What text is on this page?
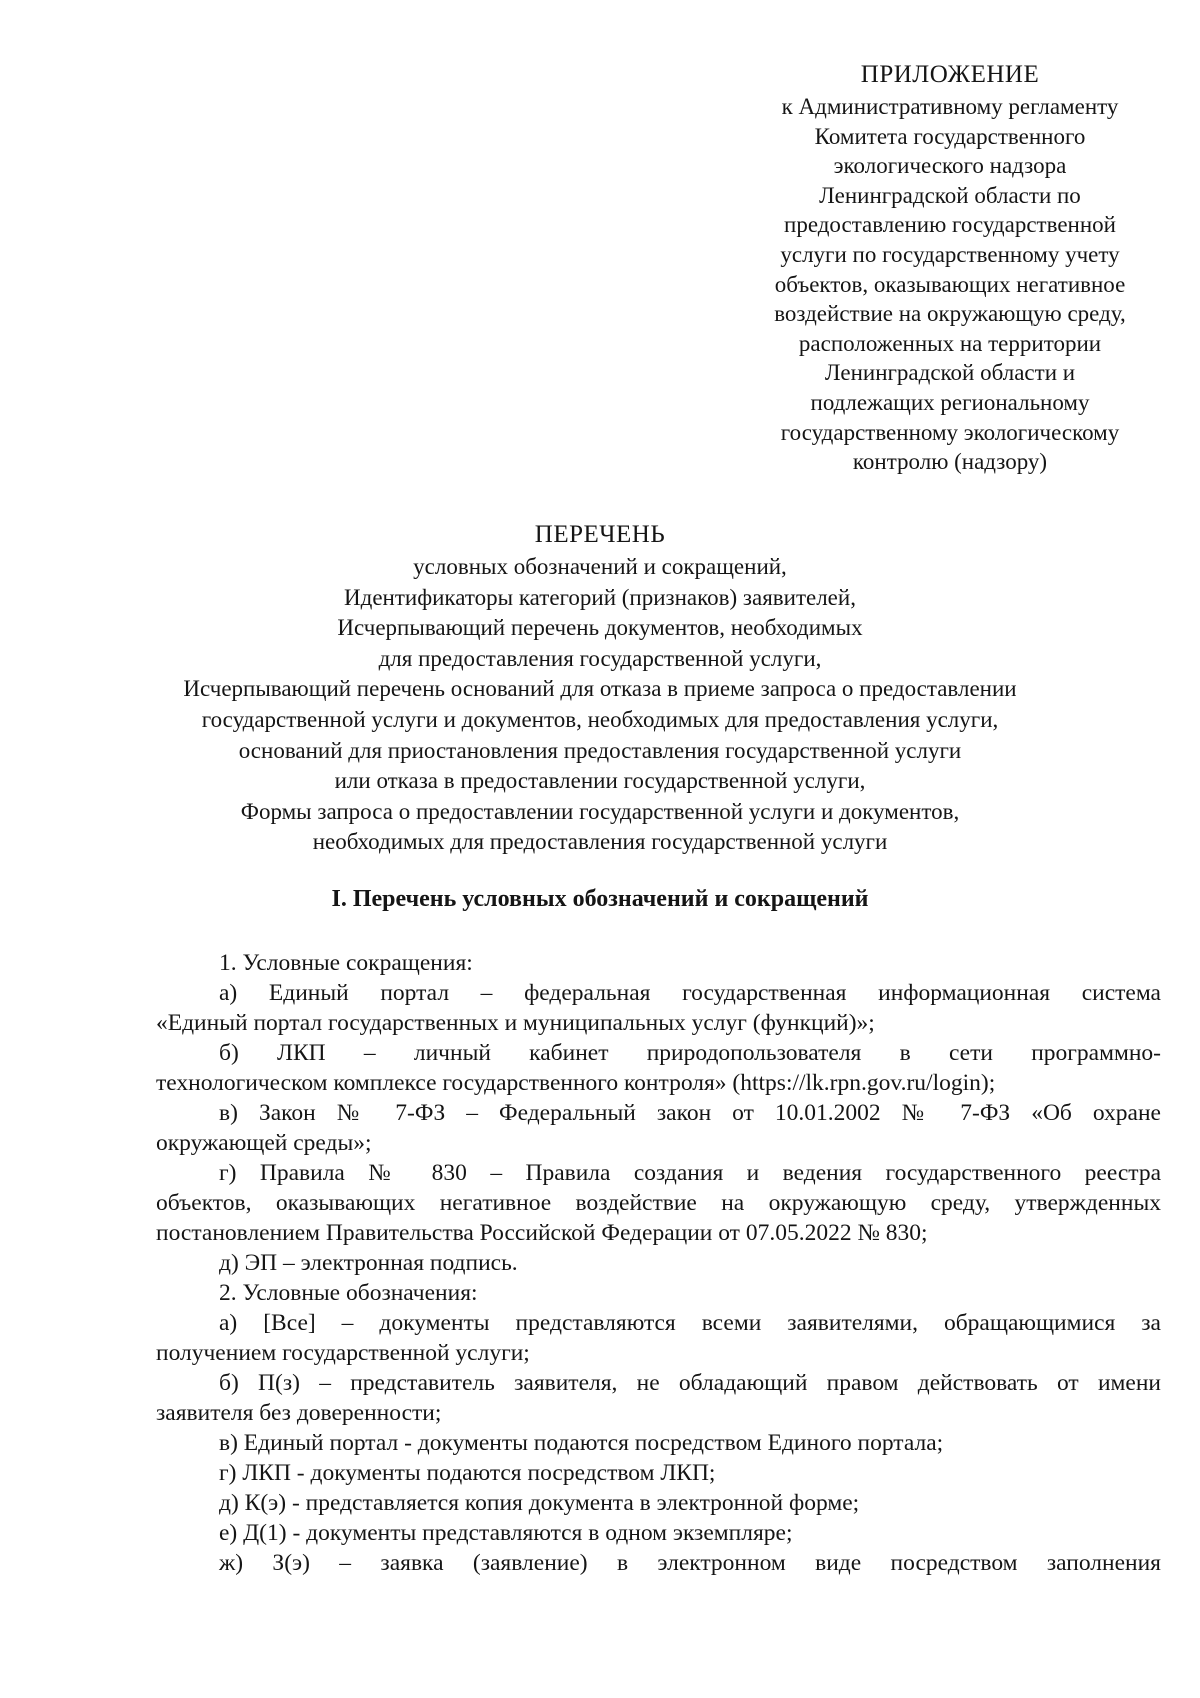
ПРИЛОЖЕНИЕ
к Административному регламенту
Комитета государственного
экологического надзора
Ленинградской области по
предоставлению государственной
услуги по государственному учету
объектов, оказывающих негативное
воздействие на окружающую среду,
расположенных на территории
Ленинградской области и
подлежащих региональному
государственному экологическому
контролю (надзору)
ПЕРЕЧЕНЬ
условных обозначений и сокращений,
Идентификаторы категорий (признаков) заявителей,
Исчерпывающий перечень документов, необходимых
для предоставления государственной услуги,
Исчерпывающий перечень оснований для отказа в приеме запроса о предоставлении
государственной услуги и документов, необходимых для предоставления услуги,
оснований для приостановления предоставления государственной услуги
или отказа в предоставлении государственной услуги,
Формы запроса о предоставлении государственной услуги и документов,
необходимых для предоставления государственной услуги
I. Перечень условных обозначений и сокращений

1. Условные сокращения:

а) Единый портал – федеральная государственная информационная система

«Единый портал государственных и муниципальных услуг (функций)»;

б) ЛКП – личный кабинет природопользователя в сети программно-

технологическом комплексе государственного контроля» (https://lk.rpn.gov.ru/login);

в) Закон № 7-ФЗ – Федеральный закон от 10.01.2002 № 7-ФЗ «Об охране

окружающей среды»;

г) Правила № 830 – Правила создания и ведения государственного реестра

объектов, оказывающих негативное воздействие на окружающую среду, утвержденных

постановлением Правительства Российской Федерации от 07.05.2022 № 830;

д) ЭП – электронная подпись.

2. Условные обозначения:

а) [Все] – документы представляются всеми заявителями, обращающимися за

получением государственной услуги;

б) П(з) – представитель заявителя, не обладающий правом действовать от имени

заявителя без доверенности;

в) Единый портал - документы подаются посредством Единого портала;

г) ЛКП - документы подаются посредством ЛКП;

д) К(э) - представляется копия документа в электронной форме;

е) Д(1) - документы представляются в одном экземпляре;

ж) З(э) – заявка (заявление) в электронном виде посредством заполнения
